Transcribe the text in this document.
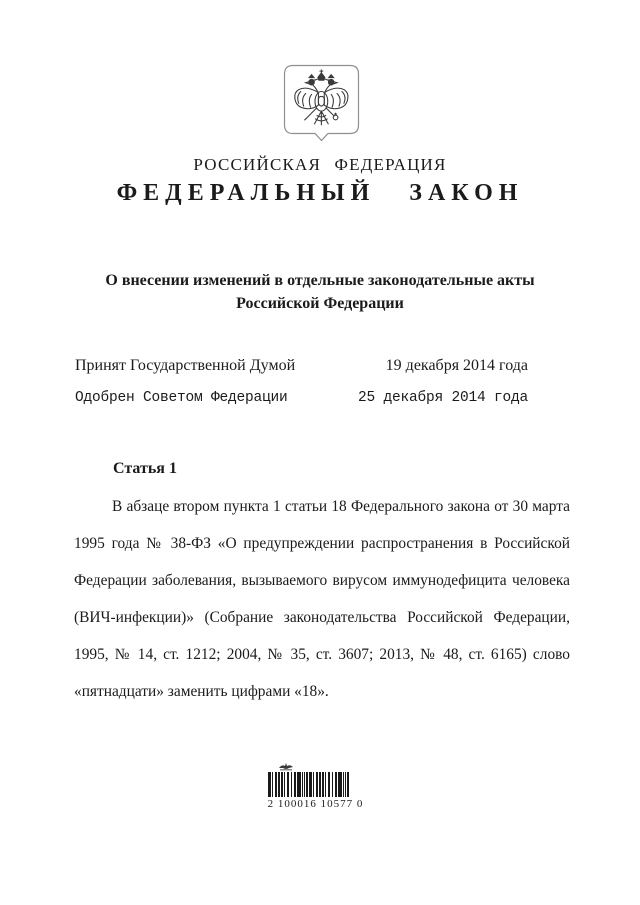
РОССИЙСКАЯ ФЕДЕРАЦИЯ
ФЕДЕРАЛЬНЫЙ ЗАКОН
О внесении изменений в отдельные законодательные акты
Российской Федерации
Принят Государственной Думой	19 декабря 2014 года
Одобрен Советом Федерации	25 декабря 2014 года
Статья 1
В абзаце втором пункта 1 статьи 18 Федерального закона от 30 марта
1995 года № 38-ФЗ «О предупреждении распространения в Российской
Федерации заболевания, вызываемого вирусом иммунодефицита человека
(ВИЧ-инфекции)» (Собрание законодательства Российской Федерации,
1995, № 14, ст. 1212; 2004, № 35, ст. 3607; 2013, № 48, ст. 6165) слово
«пятнадцати» заменить цифрами «18».
2 100016 10577 0
